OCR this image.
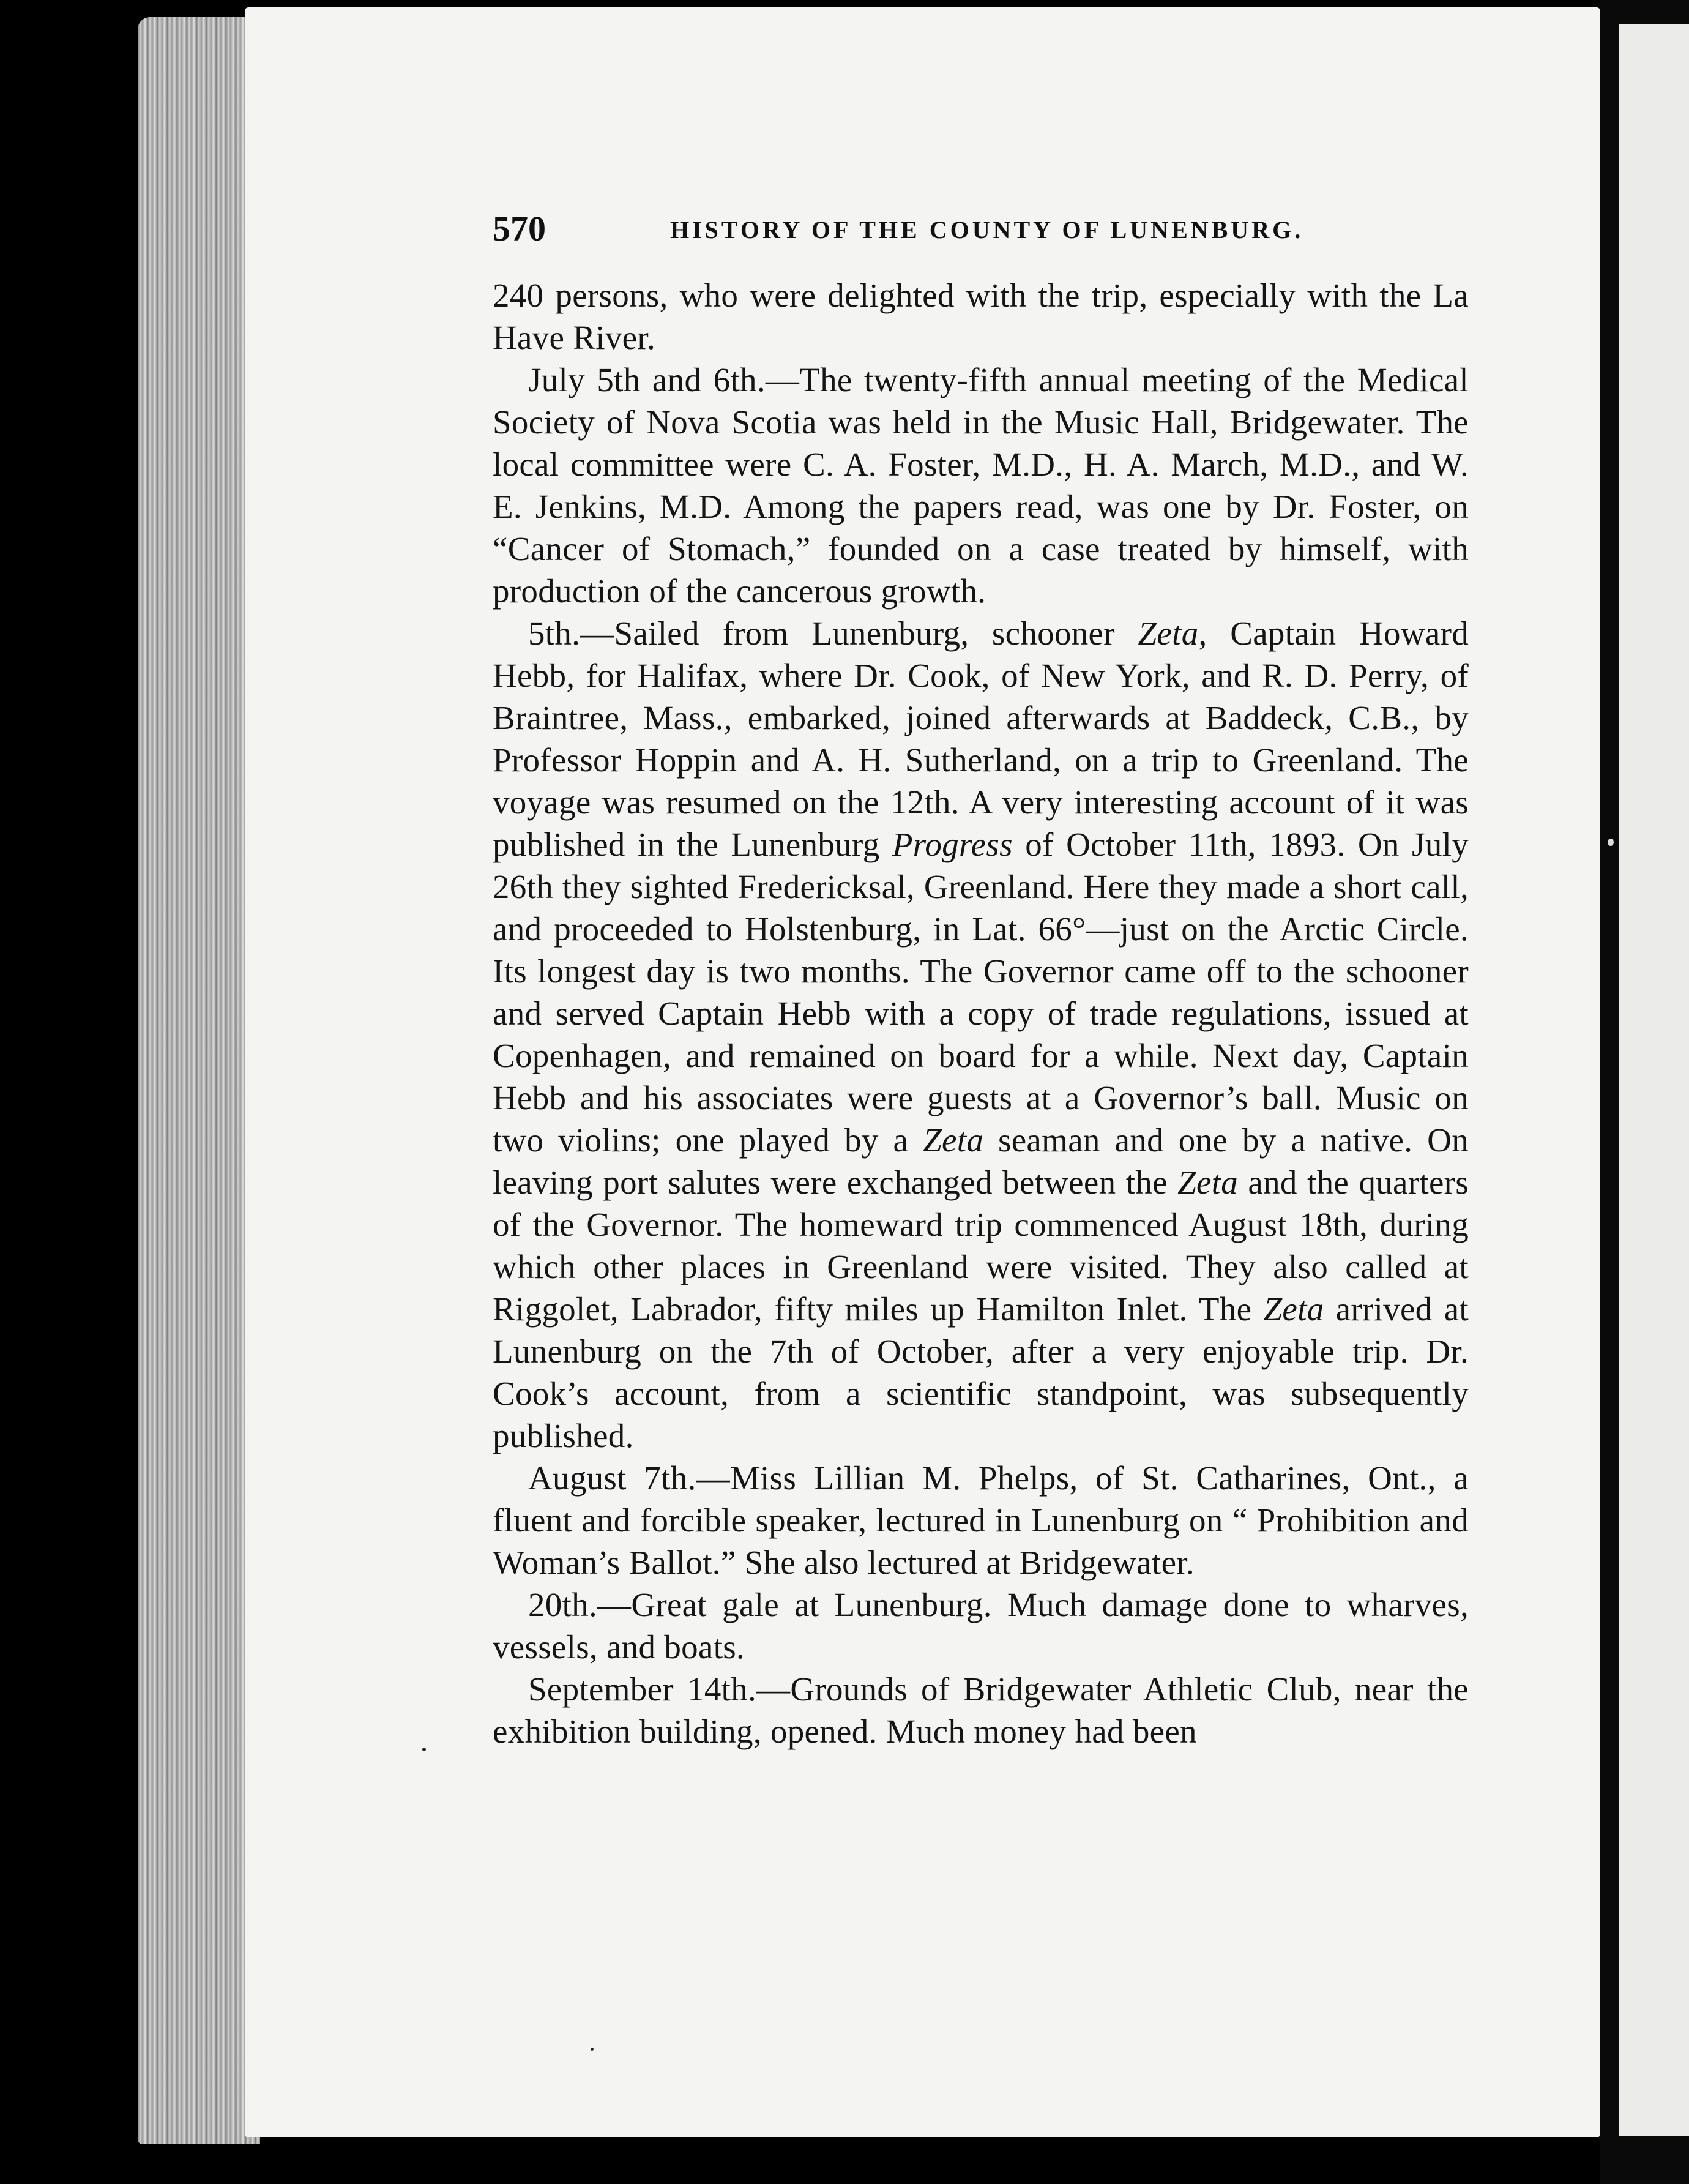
570	HISTORY OF THE COUNTY OF LUNENBURG.

240 persons, who were delighted with the trip, especially with the La Have River.

July 5th and 6th.—The twenty-fifth annual meeting of the Medical Society of Nova Scotia was held in the Music Hall, Bridgewater. The local committee were C. A. Foster, M.D., H. A. March, M.D., and W. E. Jenkins, M.D. Among the papers read, was one by Dr. Foster, on “Cancer of Stomach,” founded on a case treated by himself, with production of the cancerous growth.

5th.—Sailed from Lunenburg, schooner Zeta, Captain Howard Hebb, for Halifax, where Dr. Cook, of New York, and R. D. Perry, of Braintree, Mass., embarked, joined afterwards at Baddeck, C.B., by Professor Hoppin and A. H. Sutherland, on a trip to Greenland. The voyage was resumed on the 12th. A very interesting account of it was published in the Lunenburg Progress of October 11th, 1893. On July 26th they sighted Fredericksal, Greenland. Here they made a short call, and proceeded to Holstenburg, in Lat. 66°—just on the Arctic Circle. Its longest day is two months. The Governor came off to the schooner and served Captain Hebb with a copy of trade regulations, issued at Copenhagen, and remained on board for a while. Next day, Captain Hebb and his associates were guests at a Governor’s ball. Music on two violins; one played by a Zeta seaman and one by a native. On leaving port salutes were exchanged between the Zeta and the quarters of the Governor. The homeward trip commenced August 18th, during which other places in Greenland were visited. They also called at Riggolet, Labrador, fifty miles up Hamilton Inlet. The Zeta arrived at Lunenburg on the 7th of October, after a very enjoyable trip. Dr. Cook’s account, from a scientific standpoint, was subsequently published.

August 7th.—Miss Lillian M. Phelps, of St. Catharines, Ont., a fluent and forcible speaker, lectured in Lunenburg on “ Prohibition and Woman’s Ballot.” She also lectured at Bridgewater.

20th.—Great gale at Lunenburg. Much damage done to wharves, vessels, and boats.

September 14th.—Grounds of Bridgewater Athletic Club, near the exhibition building, opened. Much money had been
